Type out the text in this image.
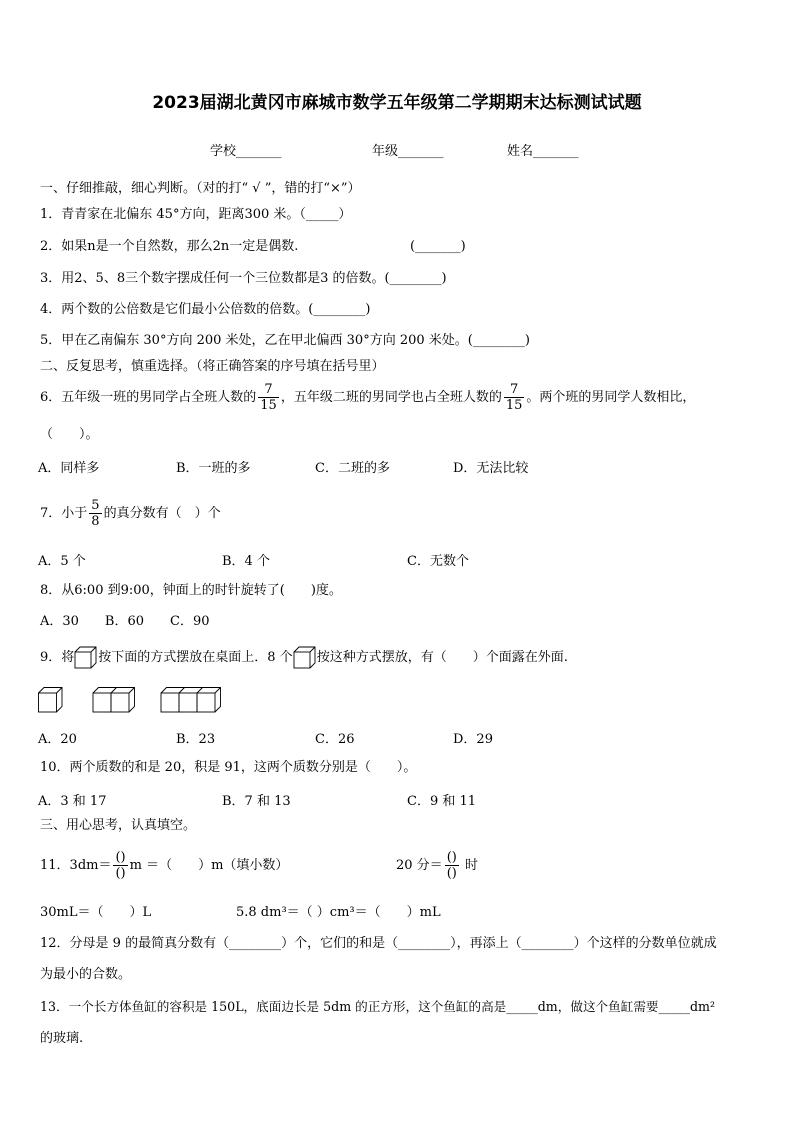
2023届湖北黄冈市麻城市数学五年级第二学期期末达标测试试题
学校_______	年级_______	姓名_______
一、仔细推敲，细心判断。（对的打“ √ ”，错的打“×”）
1．青青家在北偏东 45°方向，距离300 米。（_____）
2．如果n是一个自然数，那么2n一定是偶数.	(_______)
3．用2、5、8三个数字摆成任何一个三位数都是3 的倍数。(________)
4．两个数的公倍数是它们最小公倍数的倍数。(________)
5．甲在乙南偏东 30°方向 200 米处，乙在甲北偏西 30°方向 200 米处。(________)
二、反复思考，慎重选择。（将正确答案的序号填在括号里）
6．五年级一班的男同学占全班人数的 $\frac{7}{15}$ ，五年级二班的男同学也占全班人数的 $\frac{7}{15}$ 。两个班的男同学人数相比，
（　　）。
A．同样多	B．一班的多	C．二班的多	D．无法比较
7．小于 $\frac{5}{8}$ 的真分数有（　）个
A．5 个	B．4 个	C．无数个
8．从6:00 到9:00，钟面上的时针旋转了(　　)度。
A．30　　B．60　　C．90
9．将 按下面的方式摆放在桌面上．8 个 按这种方式摆放，有（　　）个面露在外面.
A．20	B．23	C．26	D．29
10．两个质数的和是 20，积是 91，这两个质数分别是（　　）。
A．3 和 17	B．7 和 13	C．9 和 11
三、用心思考，认真填空。
11．$3dm= \frac{()}{()}$ m ＝（　　）m（填小数）	20 分＝ $\frac{()}{()}$ 时
30mL＝（　　）L	5.8 dm³＝（ ）cm³＝（　　）mL
12．分母是 9 的最简真分数有（________）个，它们的和是（________），再添上（________）个这样的分数单位就成
为最小的合数。
13．一个长方体鱼缸的容积是 150L，底面边长是 5dm 的正方形，这个鱼缸的高是_____dm，做这个鱼缸需要_____dm²
的玻璃.
